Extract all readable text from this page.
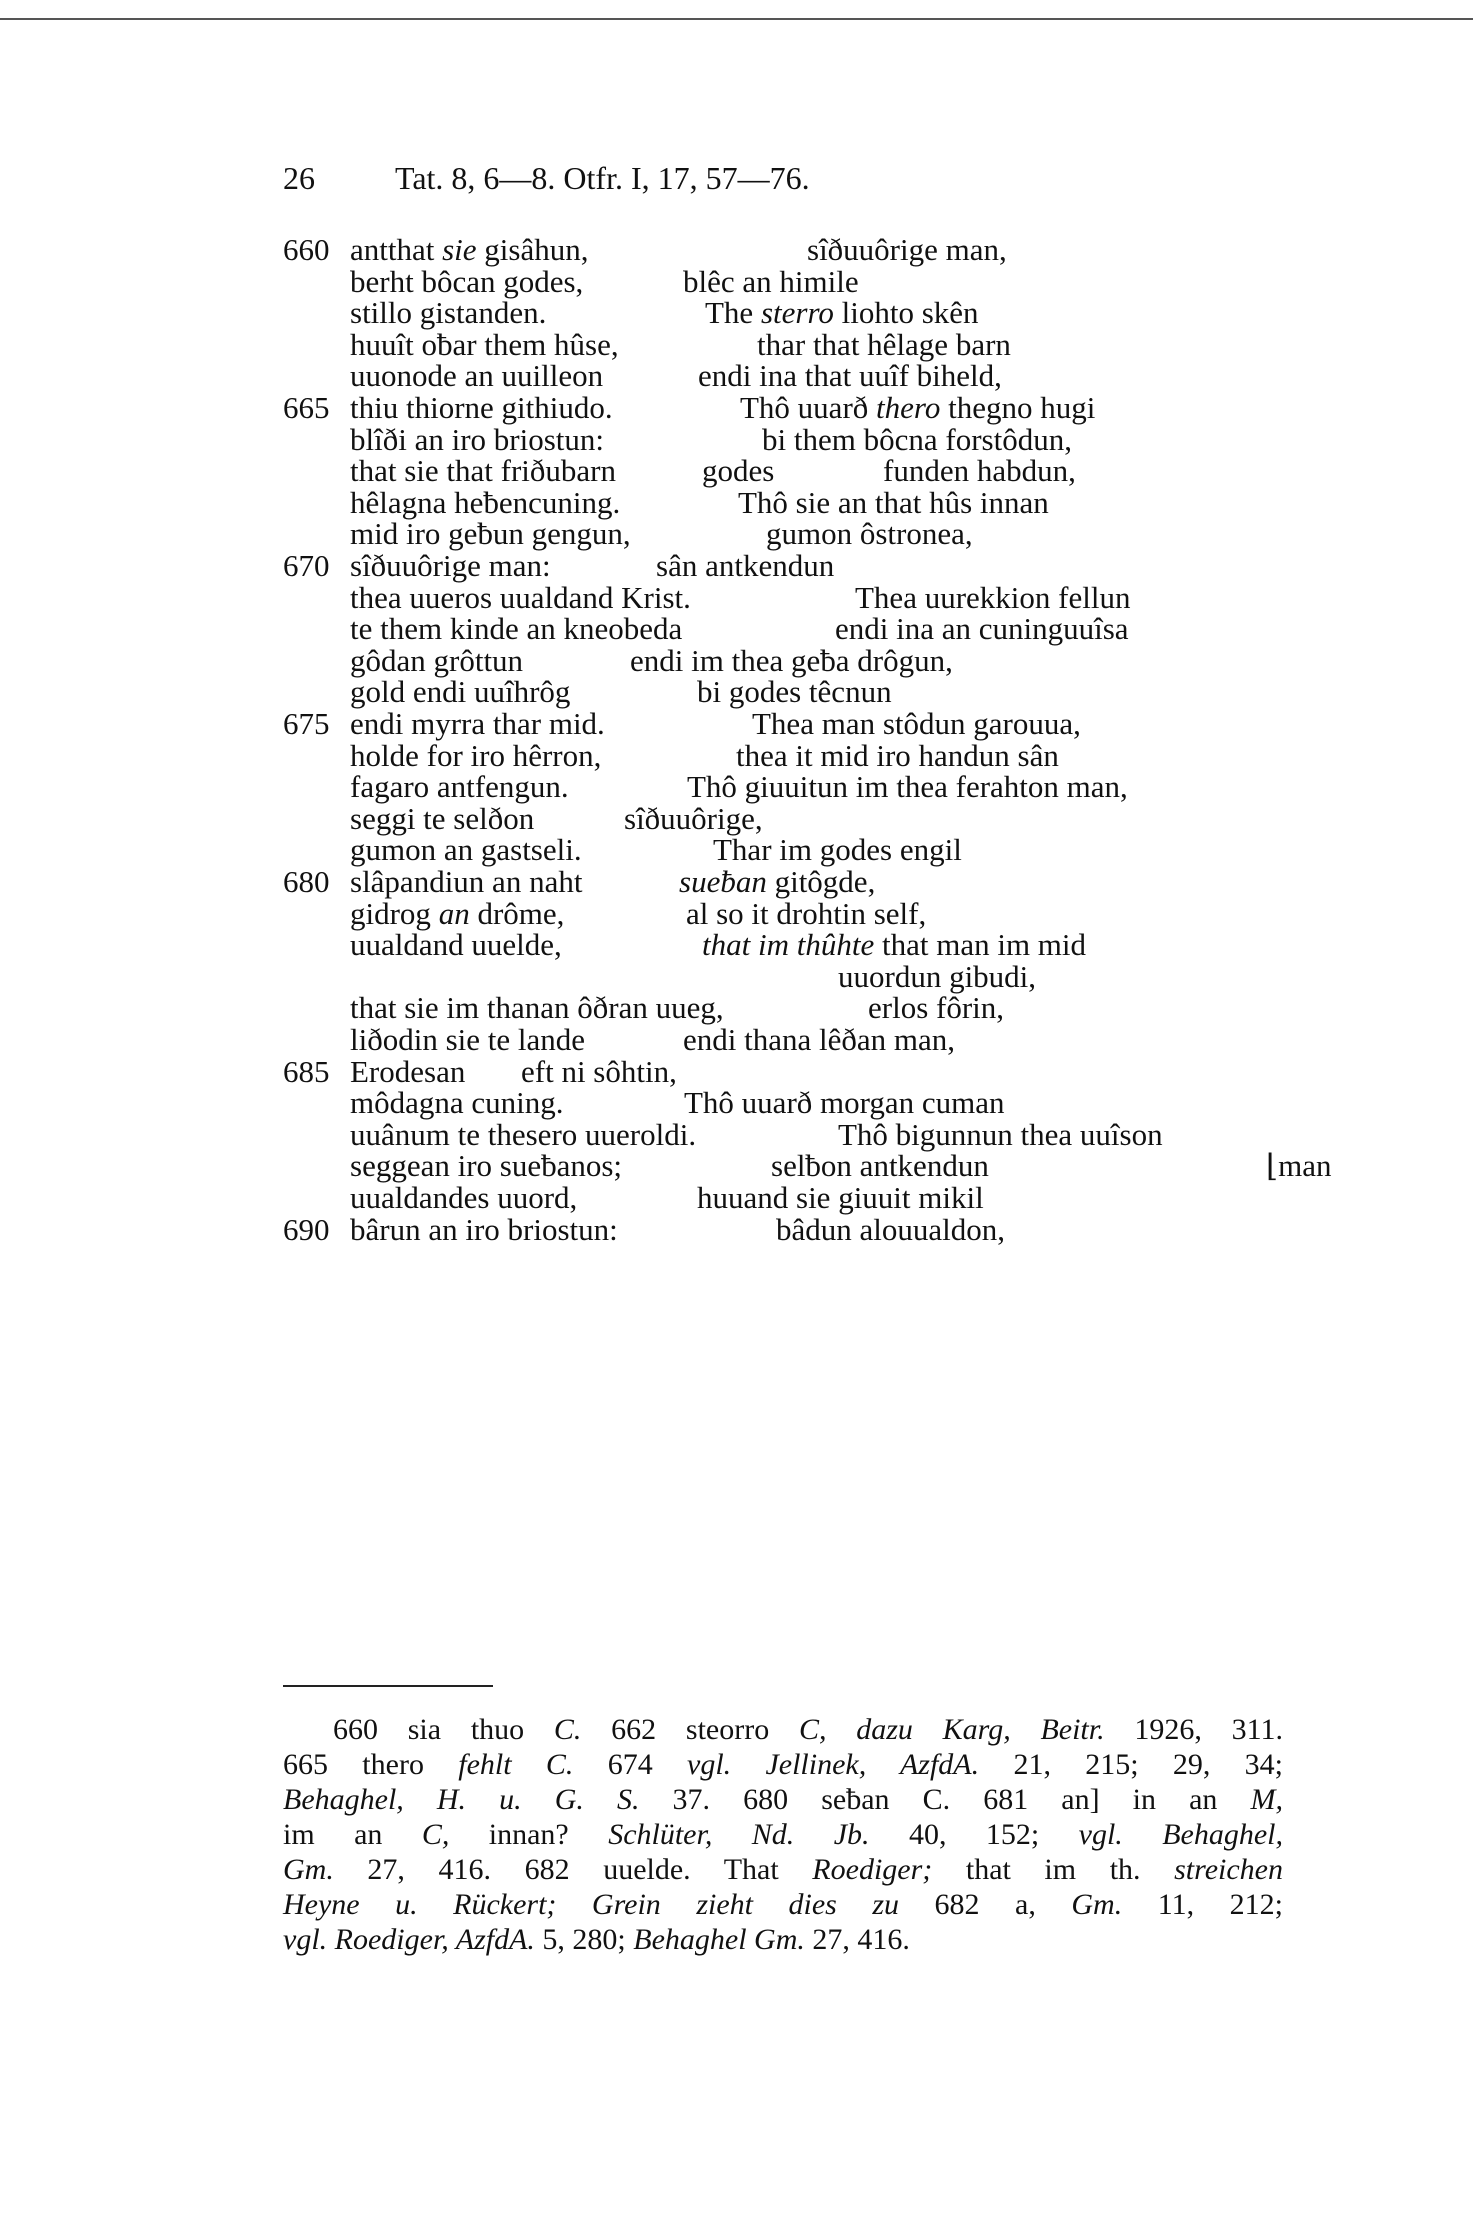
26	Tat. 8, 6—8. Otfr. I, 17, 57—76.
660 antthat sie gisâhun,	sîðuuôrige man,
berht bôcan godes,	blêc an himile
stillo gistanden.	The sterro liohto skên
huuît oƀar them hûse,	thar that hêlage barn
uuonode an uuilleon	endi ina that uuîf biheld,
665 thiu thiorne githiudo.	Thô uuarð thero thegno hugi
blîði an iro briostun:	bi them bôcna forstôdun,
that sie that friðubarn	godes	funden habdun,
hêlagna heƀencuning.	Thô sie an that hûs innan
mid iro geƀun gengun,	gumon ôstronea,
670 sîðuuôrige man:	sân antkendun
thea uueros uualdand Krist.	Thea uurekkion fellun
te them kinde an kneobeda	endi ina an cuninguuîsa
gôdan grôttun	endi im thea geƀa drôgun,
gold endi uuîhrôg	bi godes têcnun
675 endi myrra thar mid.	Thea man stôdun garouua,
holde for iro hêrron,	thea it mid iro handun sân
fagaro antfengun.	Thô giuuitun im thea ferahton man,
seggi te selðon	sîðuuôrige,
gumon an gastseli.	Thar im godes engil
680 slâpandiun an naht	sueƀan gitôgde,
gidrog an drôme,	al so it drohtin self,
uualdand uuelde,	that im thûhte that man im mid
uuordun gibudi,
that sie im thanan ôðran uueg,	erlos fôrin,
liðodin sie te lande	endi thana lêðan man,
685 Erodesan eft ni sôhtin,
môdagna cuning.	Thô uuarð morgan cuman
uuânum te thesero uueroldi.	Thô bigunnun thea uuîson
seggean iro sueƀanos;	selƀon antkendun	⌊man
uualdandes uuord,	huuand sie giuuit mikil
690 bârun an iro briostun:	bâdun alouualdon,
660 sia thuo C. 662 steorro C, dazu Karg, Beitr. 1926, 311.
665 thero fehlt C. 674 vgl. Jellinek, AzfdA. 21, 215; 29, 34;
Behaghel, H. u. G. S. 37. 680 seƀan C. 681 an] in an M,
im an C, innan? Schlüter, Nd. Jb. 40, 152; vgl. Behaghel,
Gm. 27, 416. 682 uuelde. That Roediger; that im th. streichen
Heyne u. Rückert; Grein zieht dies zu 682 a, Gm. 11, 212;
vgl. Roediger, AzfdA. 5, 280; Behaghel Gm. 27, 416.
